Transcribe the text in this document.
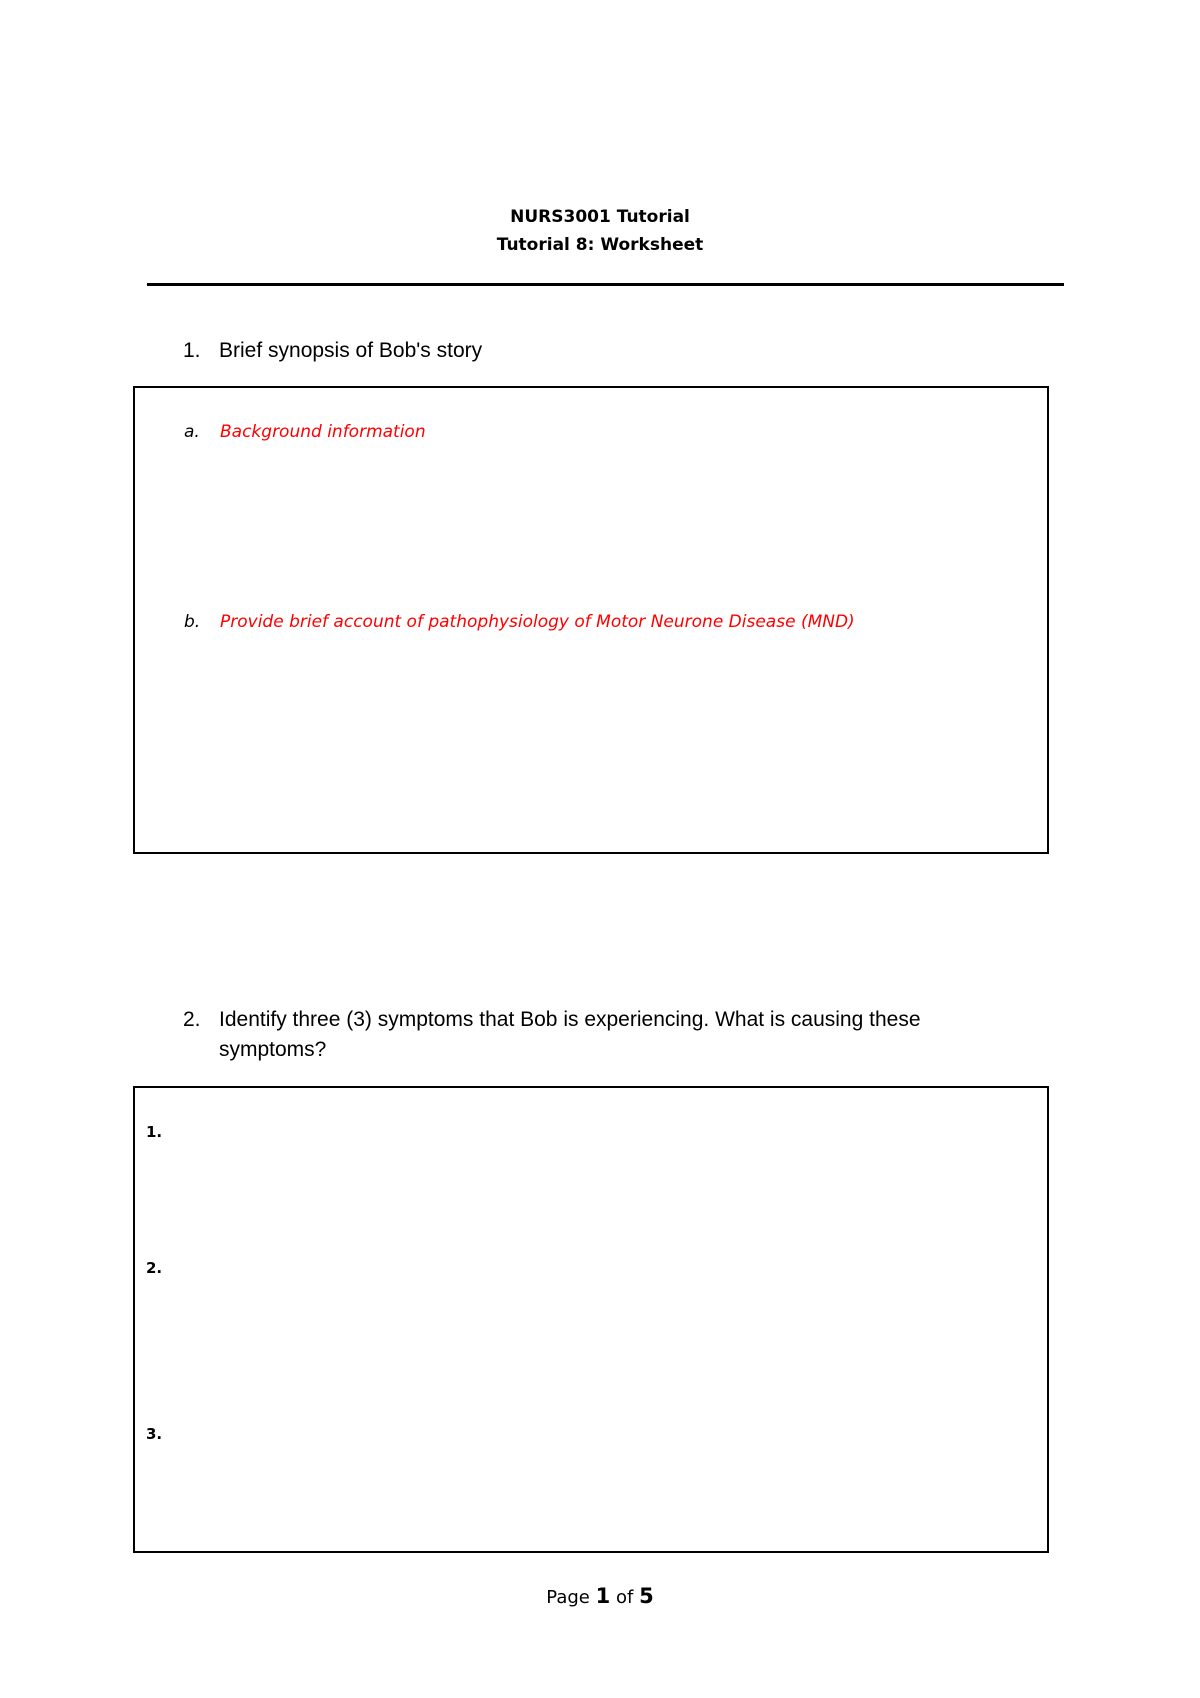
NURS3001 Tutorial
Tutorial 8: Worksheet
1. Brief synopsis of Bob's story
a. Background information
b. Provide brief account of pathophysiology of Motor Neurone Disease (MND)
2. Identify three (3) symptoms that Bob is experiencing. What is causing these symptoms?
1.
2.
3.
Page 1 of 5
